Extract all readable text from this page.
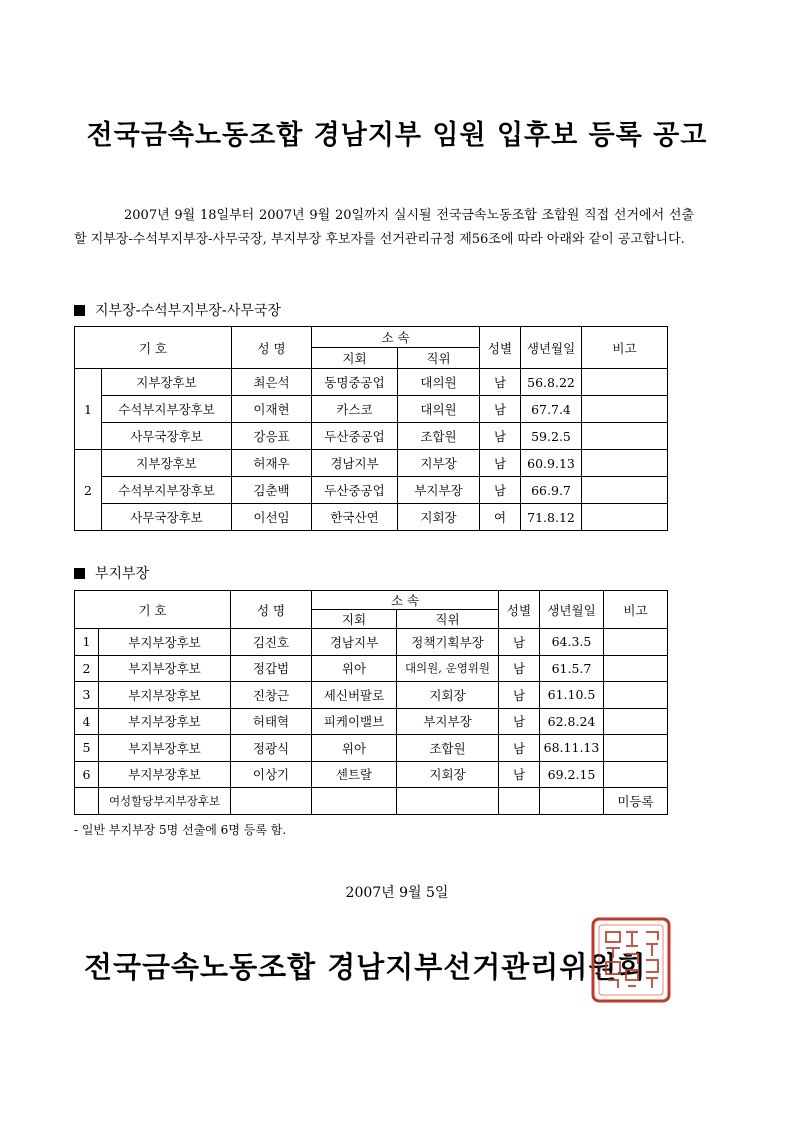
전국금속노동조합 경남지부 임원 입후보 등록 공고
2007년 9월 18일부터 2007년 9월 20일까지 실시될 전국금속노동조합 조합원 직접 선거에서 선출할 지부장-수석부지부장-사무국장, 부지부장 후보자를 선거관리규정 제56조에 따라 아래와 같이 공고합니다.
지부장-수석부지부장-사무국장
기 호		성 명	소 속		성별	생년월일	비고
			지회	직위			
1	지부장후보	최은석	동명중공업	대의원	남	56.8.22	
	수석부지부장후보	이재현	카스코	대의원	남	67.7.4	
	사무국장후보	강응표	두산중공업	조합원	남	59.2.5	
2	지부장후보	허재우	경남지부	지부장	남	60.9.13	
	수석부지부장후보	김춘백	두산중공업	부지부장	남	66.9.7	
	사무국장후보	이선임	한국산연	지회장	여	71.8.12	
부지부장
기 호		성 명	소 속		성별	생년월일	비고
			지회	직위			
1	부지부장후보	김진호	경남지부	정책기획부장	남	64.3.5	
2	부지부장후보	정갑범	위아	대의원, 운영위원	남	61.5.7	
3	부지부장후보	진창근	세신버팔로	지회장	남	61.10.5	
4	부지부장후보	허태혁	피케이밸브	부지부장	남	62.8.24	
5	부지부장후보	정광식	위아	조합원	남	68.11.13	
6	부지부장후보	이상기	센트랄	지회장	남	69.2.15	
	여성할당부지부장후보						미등록
- 일반 부지부장 5명 선출에 6명 등록 함.
2007년 9월 5일
전국금속노동조합 경남지부선거관리위원회
